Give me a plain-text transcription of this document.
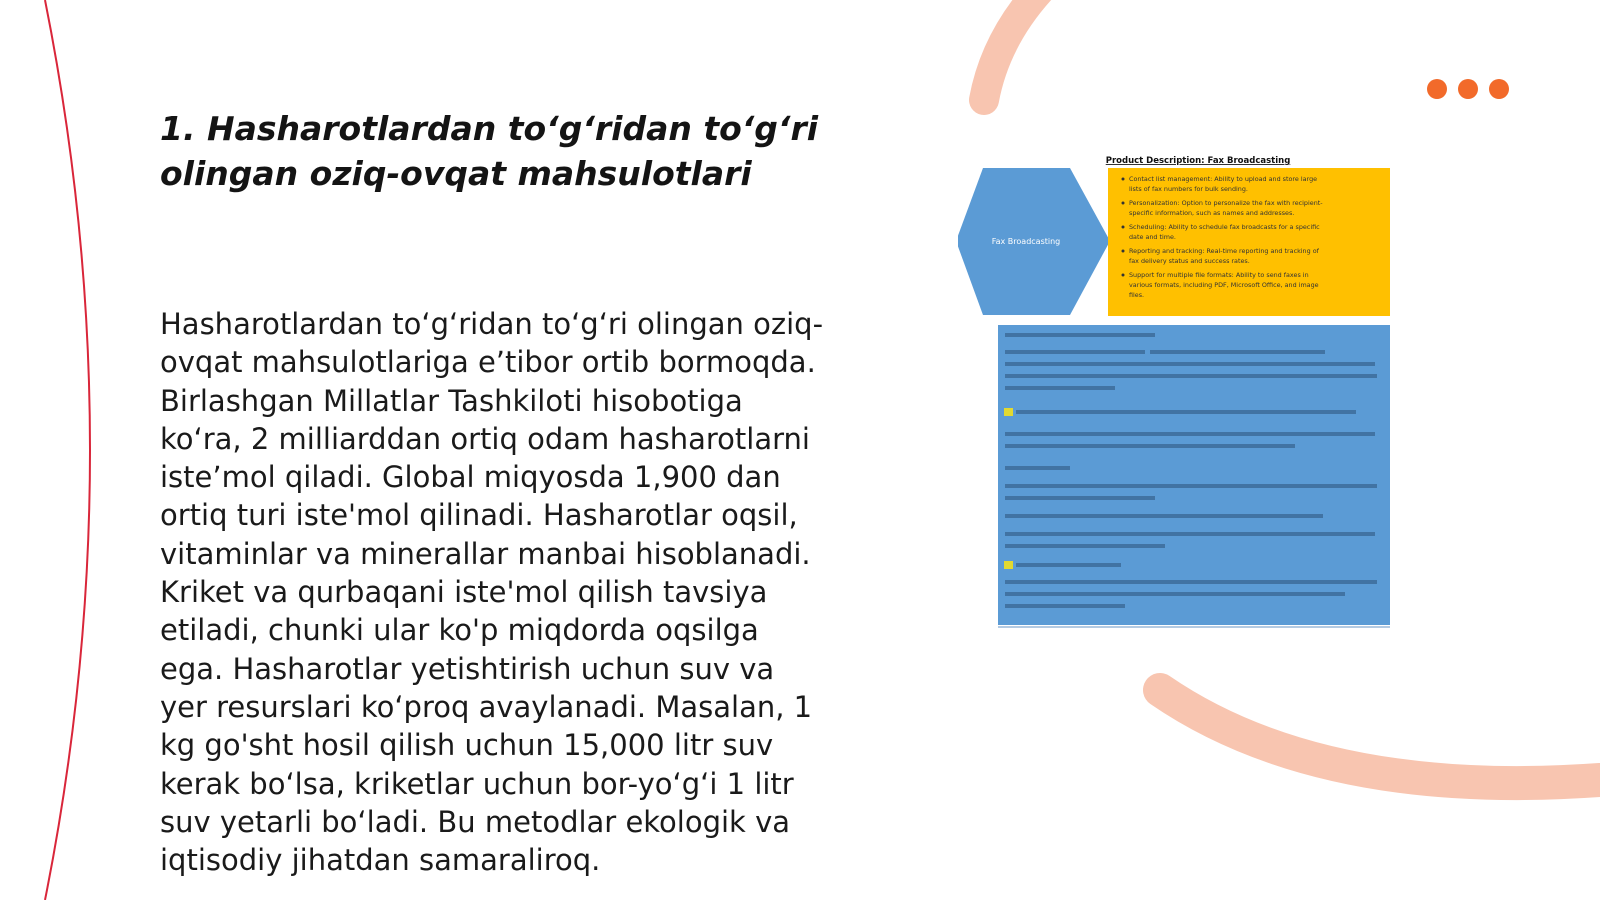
1. Hasharotlardan to‘g‘ridan to‘g‘ri
olingan oziq-ovqat mahsulotlari
Hasharotlardan to‘g‘ridan to‘g‘ri olingan oziq-
ovqat mahsulotlariga e’tibor ortib bormoqda.
Birlashgan Millatlar Tashkiloti hisobotiga
ko‘ra, 2 milliarddan ortiq odam hasharotlarni
iste’mol qiladi. Global miqyosda 1,900 dan
ortiq turi iste'mol qilinadi. Hasharotlar oqsil,
vitaminlar va minerallar manbai hisoblanadi.
Kriket va qurbaqani iste'mol qilish tavsiya
etiladi, chunki ular ko'p miqdorda oqsilga
ega. Hasharotlar yetishtirish uchun suv va
yer resurslari ko‘proq avaylanadi. Masalan, 1
kg go'sht hosil qilish uchun 15,000 litr suv
kerak bo‘lsa, kriketlar uchun bor-yo‘g‘i 1 litr
suv yetarli bo‘ladi. Bu metodlar ekologik va
iqtisodiy jihatdan samaraliroq.
Product Description: Fax Broadcasting
Fax Broadcasting
Contact list management: Ability to upload and store large
lists of fax numbers for bulk sending.
Personalization: Option to personalize the fax with recipient-
specific information, such as names and addresses.
Scheduling: Ability to schedule fax broadcasts for a specific
date and time.
Reporting and tracking: Real-time reporting and tracking of
fax delivery status and success rates.
Support for multiple file formats: Ability to send faxes in
various formats, including PDF, Microsoft Office, and image
files.
